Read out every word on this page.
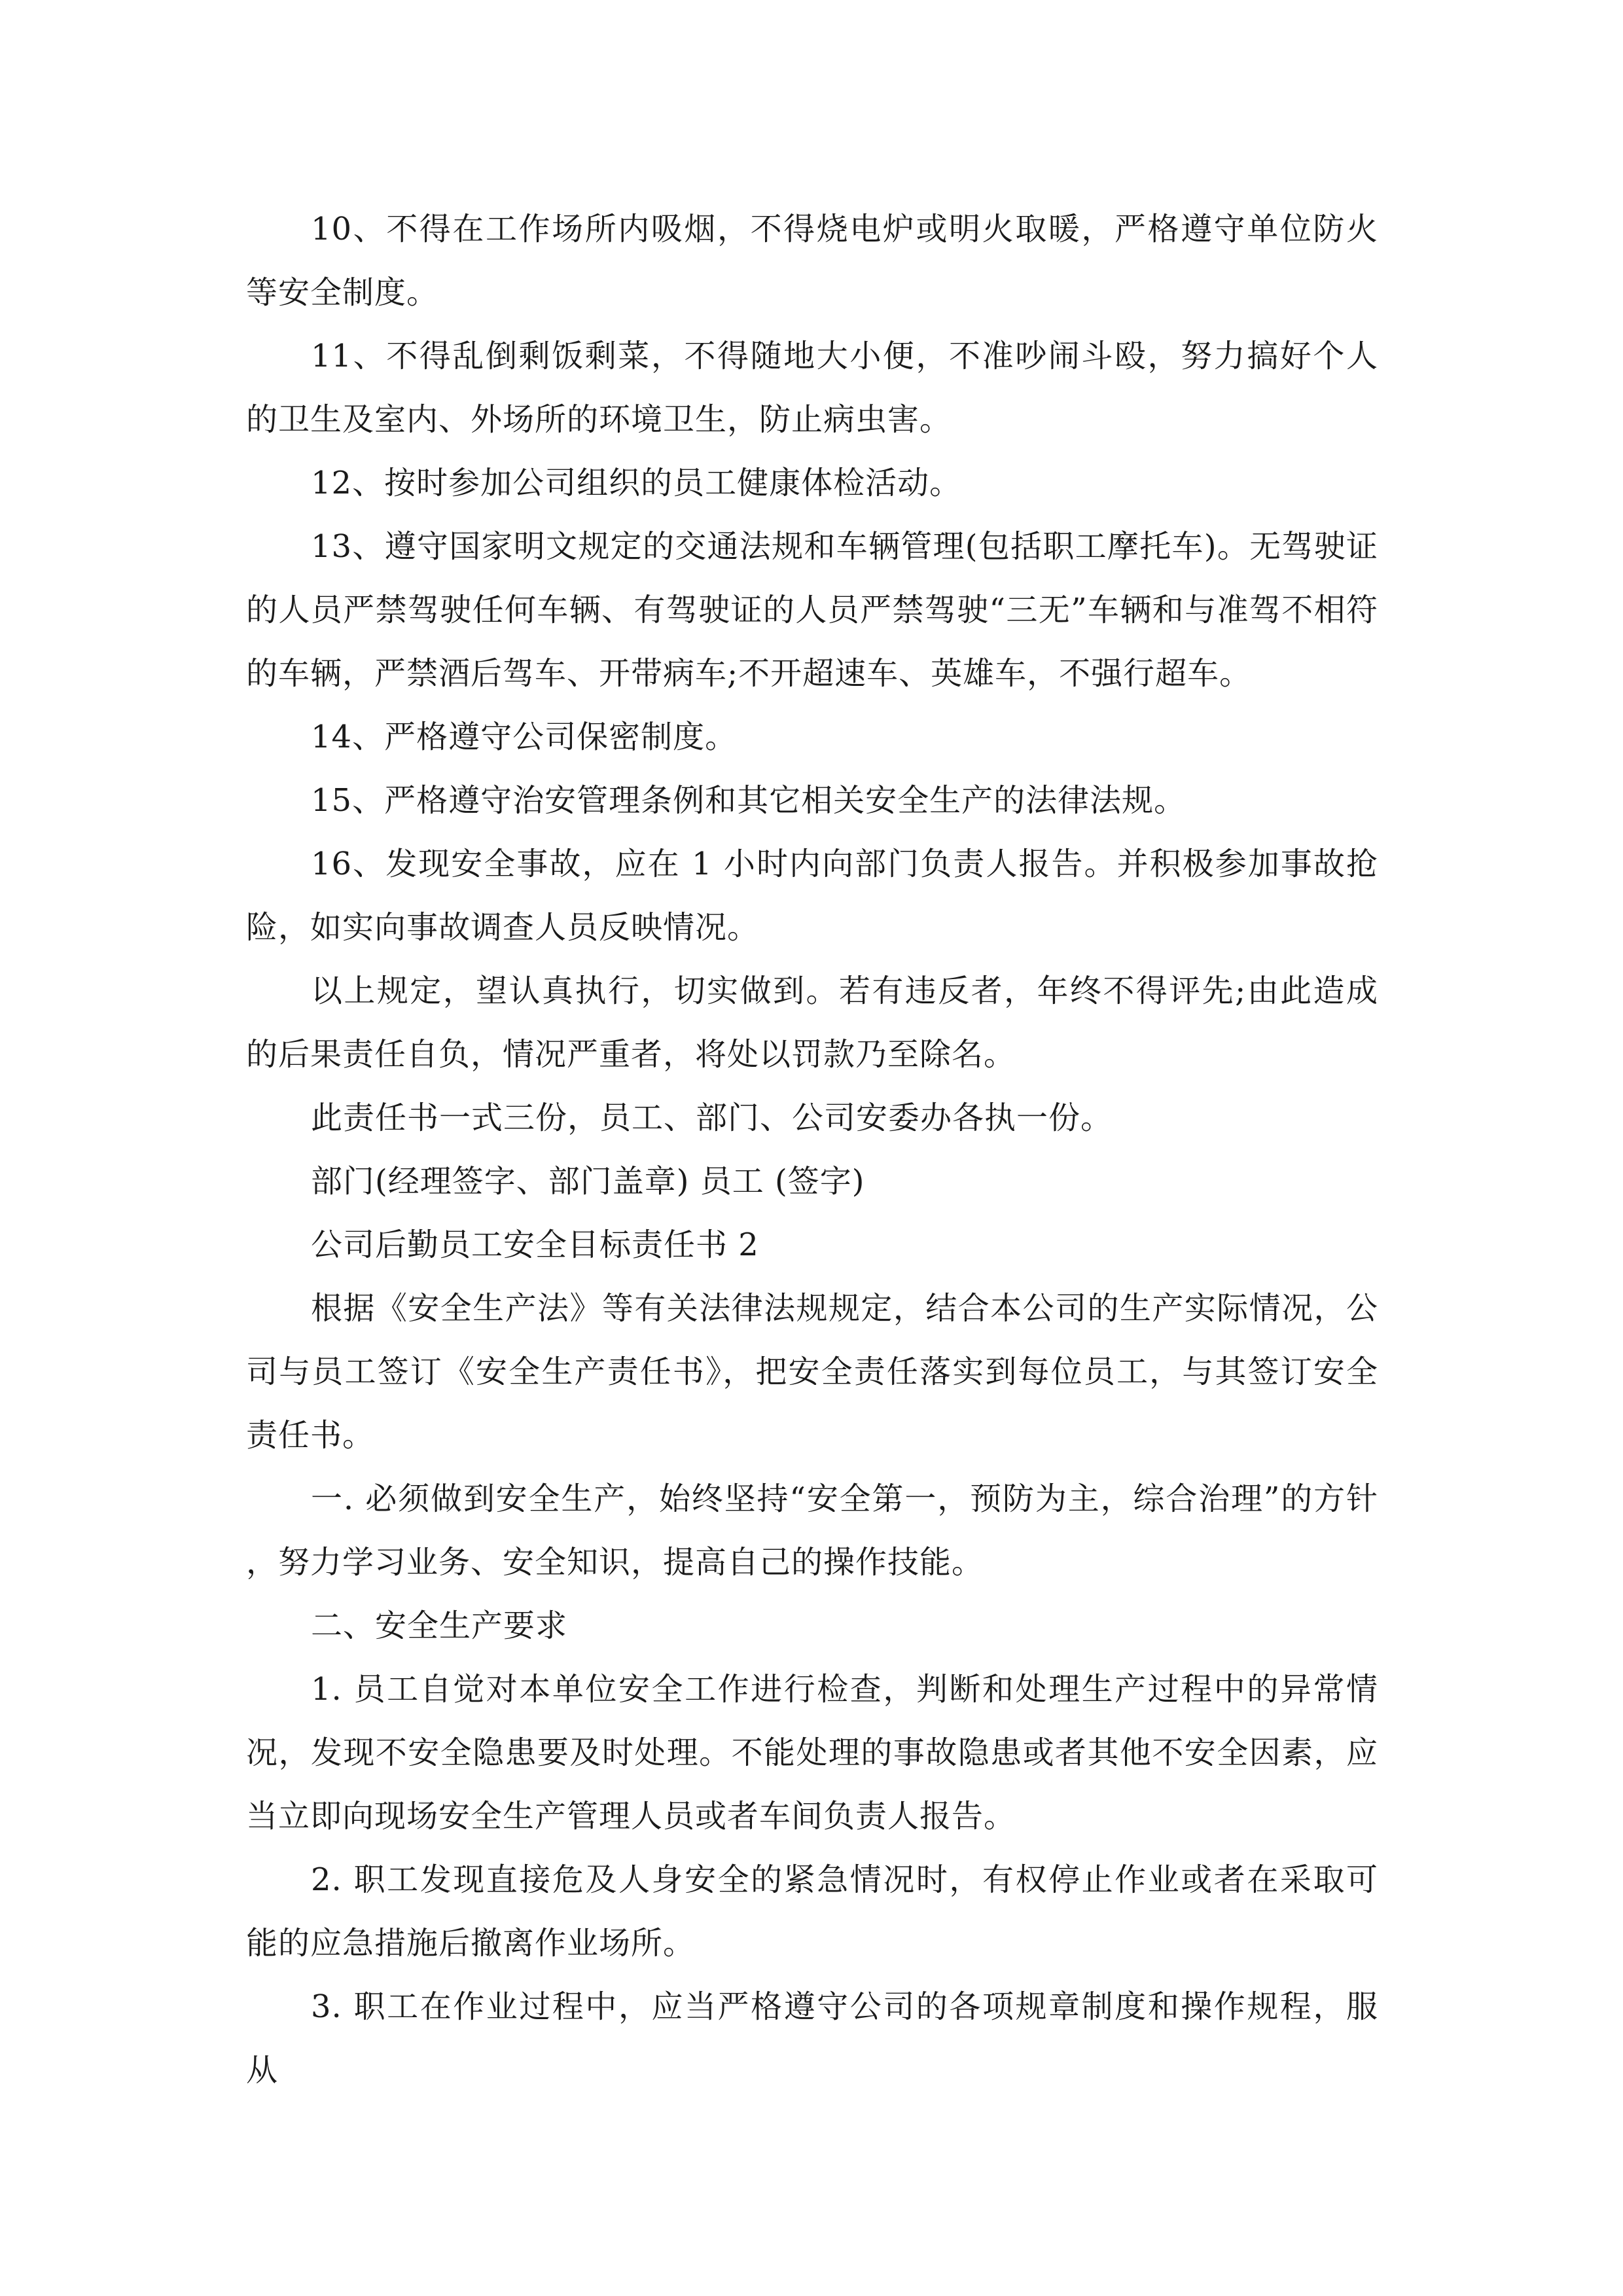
10、不得在工作场所内吸烟，不得烧电炉或明火取暖，严格遵守单位防火等安全制度。

11、不得乱倒剩饭剩菜，不得随地大小便，不准吵闹斗殴，努力搞好个人的卫生及室内、外场所的环境卫生，防止病虫害。

12、按时参加公司组织的员工健康体检活动。

13、遵守国家明文规定的交通法规和车辆管理(包括职工摩托车)。无驾驶证的人员严禁驾驶任何车辆、有驾驶证的人员严禁驾驶“三无”车辆和与准驾不相符的车辆，严禁酒后驾车、开带病车;不开超速车、英雄车，不强行超车。

14、严格遵守公司保密制度。

15、严格遵守治安管理条例和其它相关安全生产的法律法规。

16、发现安全事故，应在 1 小时内向部门负责人报告。并积极参加事故抢险，如实向事故调查人员反映情况。

以上规定，望认真执行，切实做到。若有违反者，年终不得评先;由此造成的后果责任自负，情况严重者，将处以罚款乃至除名。

此责任书一式三份，员工、部门、公司安委办各执一份。

部门(经理签字、部门盖章) 员工 (签字)

公司后勤员工安全目标责任书 2

根据《安全生产法》等有关法律法规规定，结合本公司的生产实际情况，公司与员工签订《安全生产责任书》，把安全责任落实到每位员工，与其签订安全责任书。

一. 必须做到安全生产，始终坚持“安全第一，预防为主，综合治理”的方针，努力学习业务、安全知识，提高自己的操作技能。

二、安全生产要求

1. 员工自觉对本单位安全工作进行检查，判断和处理生产过程中的异常情况，发现不安全隐患要及时处理。不能处理的事故隐患或者其他不安全因素，应当立即向现场安全生产管理人员或者车间负责人报告。

2. 职工发现直接危及人身安全的紧急情况时，有权停止作业或者在采取可能的应急措施后撤离作业场所。

3. 职工在作业过程中，应当严格遵守公司的各项规章制度和操作规程，服从
